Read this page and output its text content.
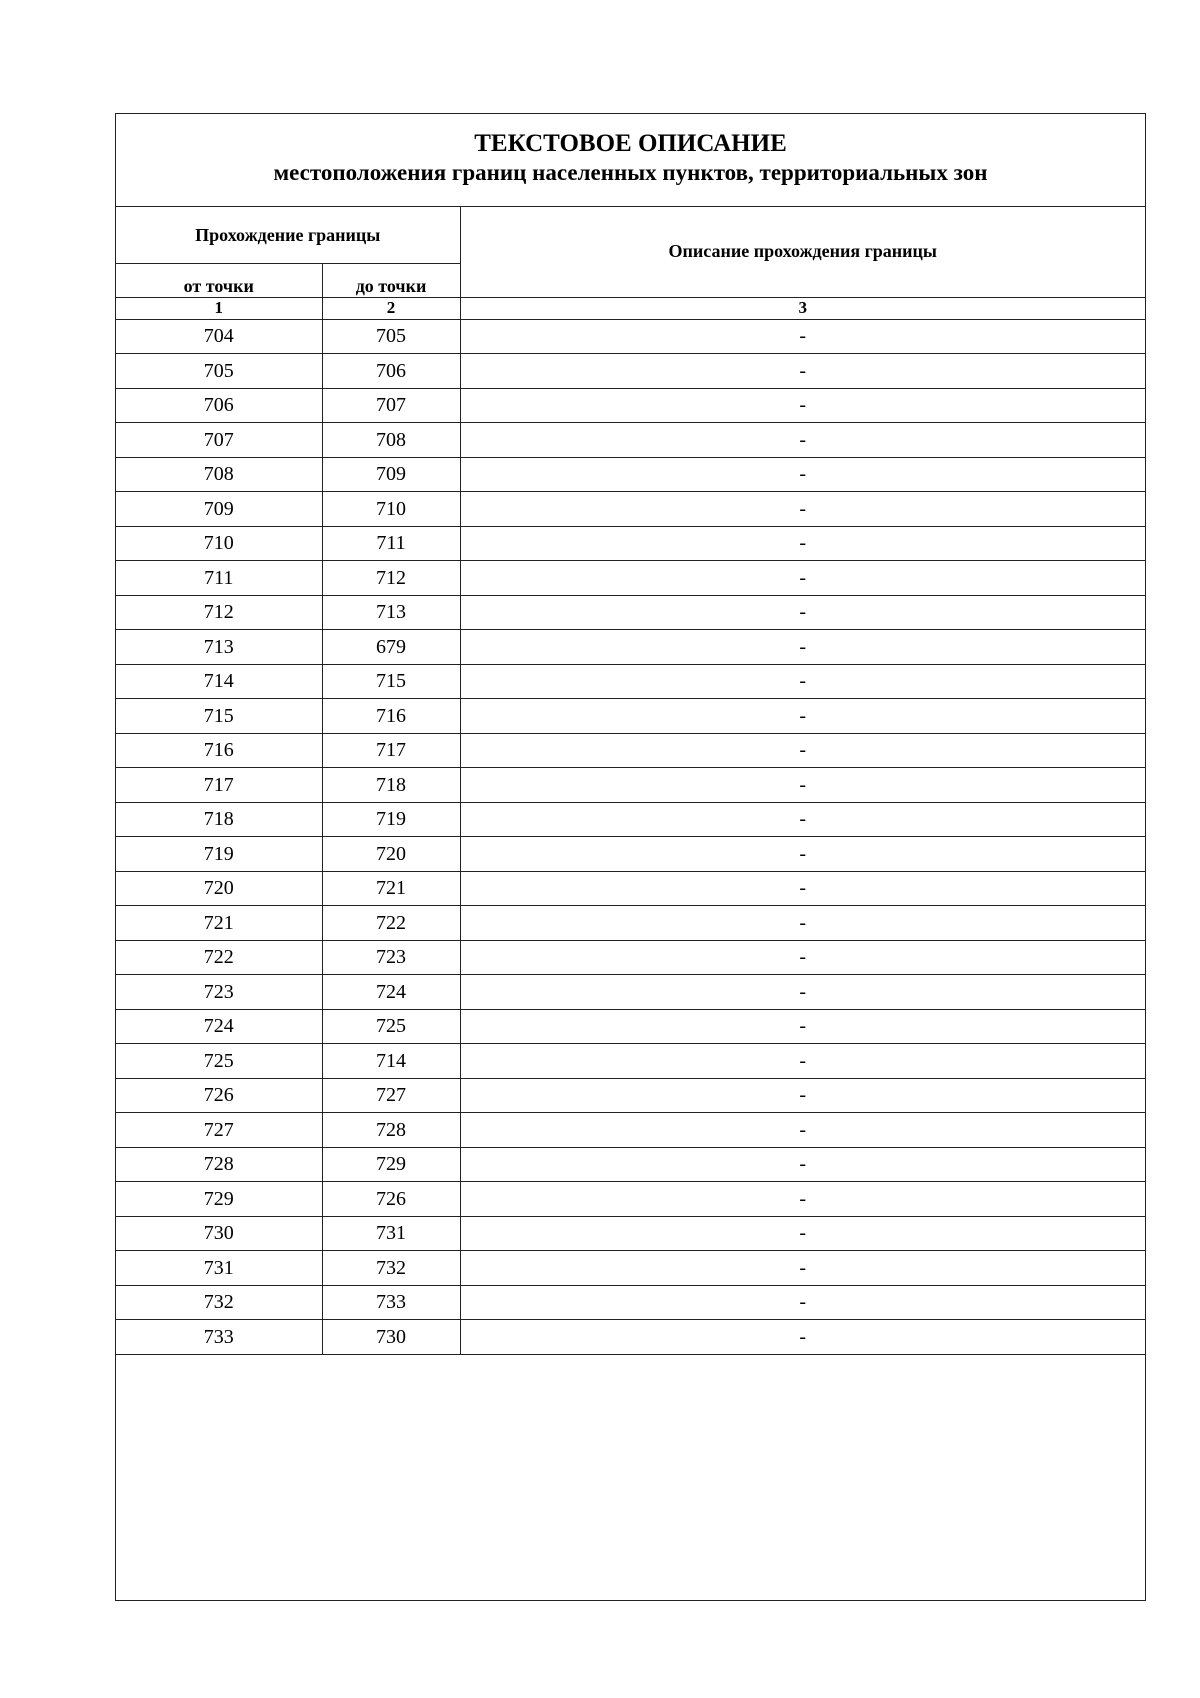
ТЕКСТОВОЕ ОПИСАНИЕ
местоположения границ населенных пунктов, территориальных зон
Прохождение границы		Описание прохождения границы
от точки	до точки	
1	2	3
704	705	-
705	706	-
706	707	-
707	708	-
708	709	-
709	710	-
710	711	-
711	712	-
712	713	-
713	679	-
714	715	-
715	716	-
716	717	-
717	718	-
718	719	-
719	720	-
720	721	-
721	722	-
722	723	-
723	724	-
724	725	-
725	714	-
726	727	-
727	728	-
728	729	-
729	726	-
730	731	-
731	732	-
732	733	-
733	730	-
